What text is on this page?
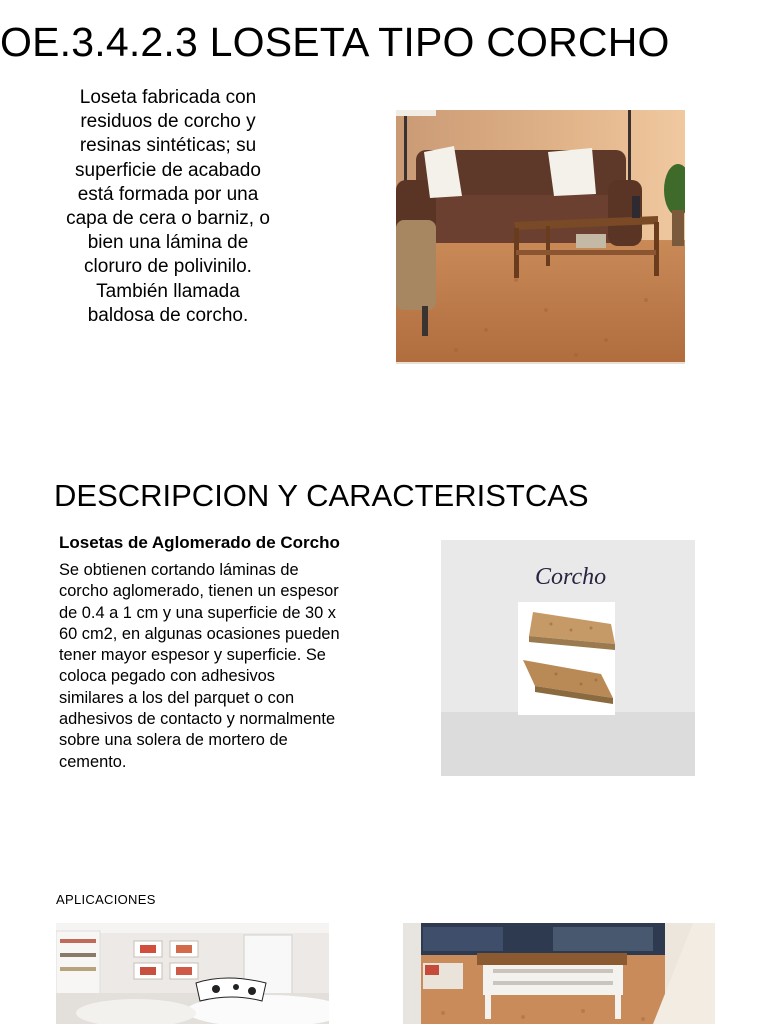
OE.3.4.2.3 LOSETA TIPO CORCHO
Loseta fabricada con
residuos de corcho y
resinas sintéticas; su
superficie de acabado
está formada por una
capa de cera o barniz, o
bien una lámina de
cloruro de polivinilo.
También llamada
baldosa de corcho.
DESCRIPCION Y CARACTERISTCAS
Losetas de Aglomerado de Corcho
Se obtienen cortando láminas de
corcho aglomerado, tienen un espesor
de 0.4 a 1 cm y una superficie de 30 x
60 cm2, en algunas ocasiones pueden
tener mayor espesor y superficie. Se
coloca pegado con adhesivos
similares a los del parquet o con
adhesivos de contacto y normalmente
sobre una solera de mortero de
cemento.
Corcho
APLICACIONES
